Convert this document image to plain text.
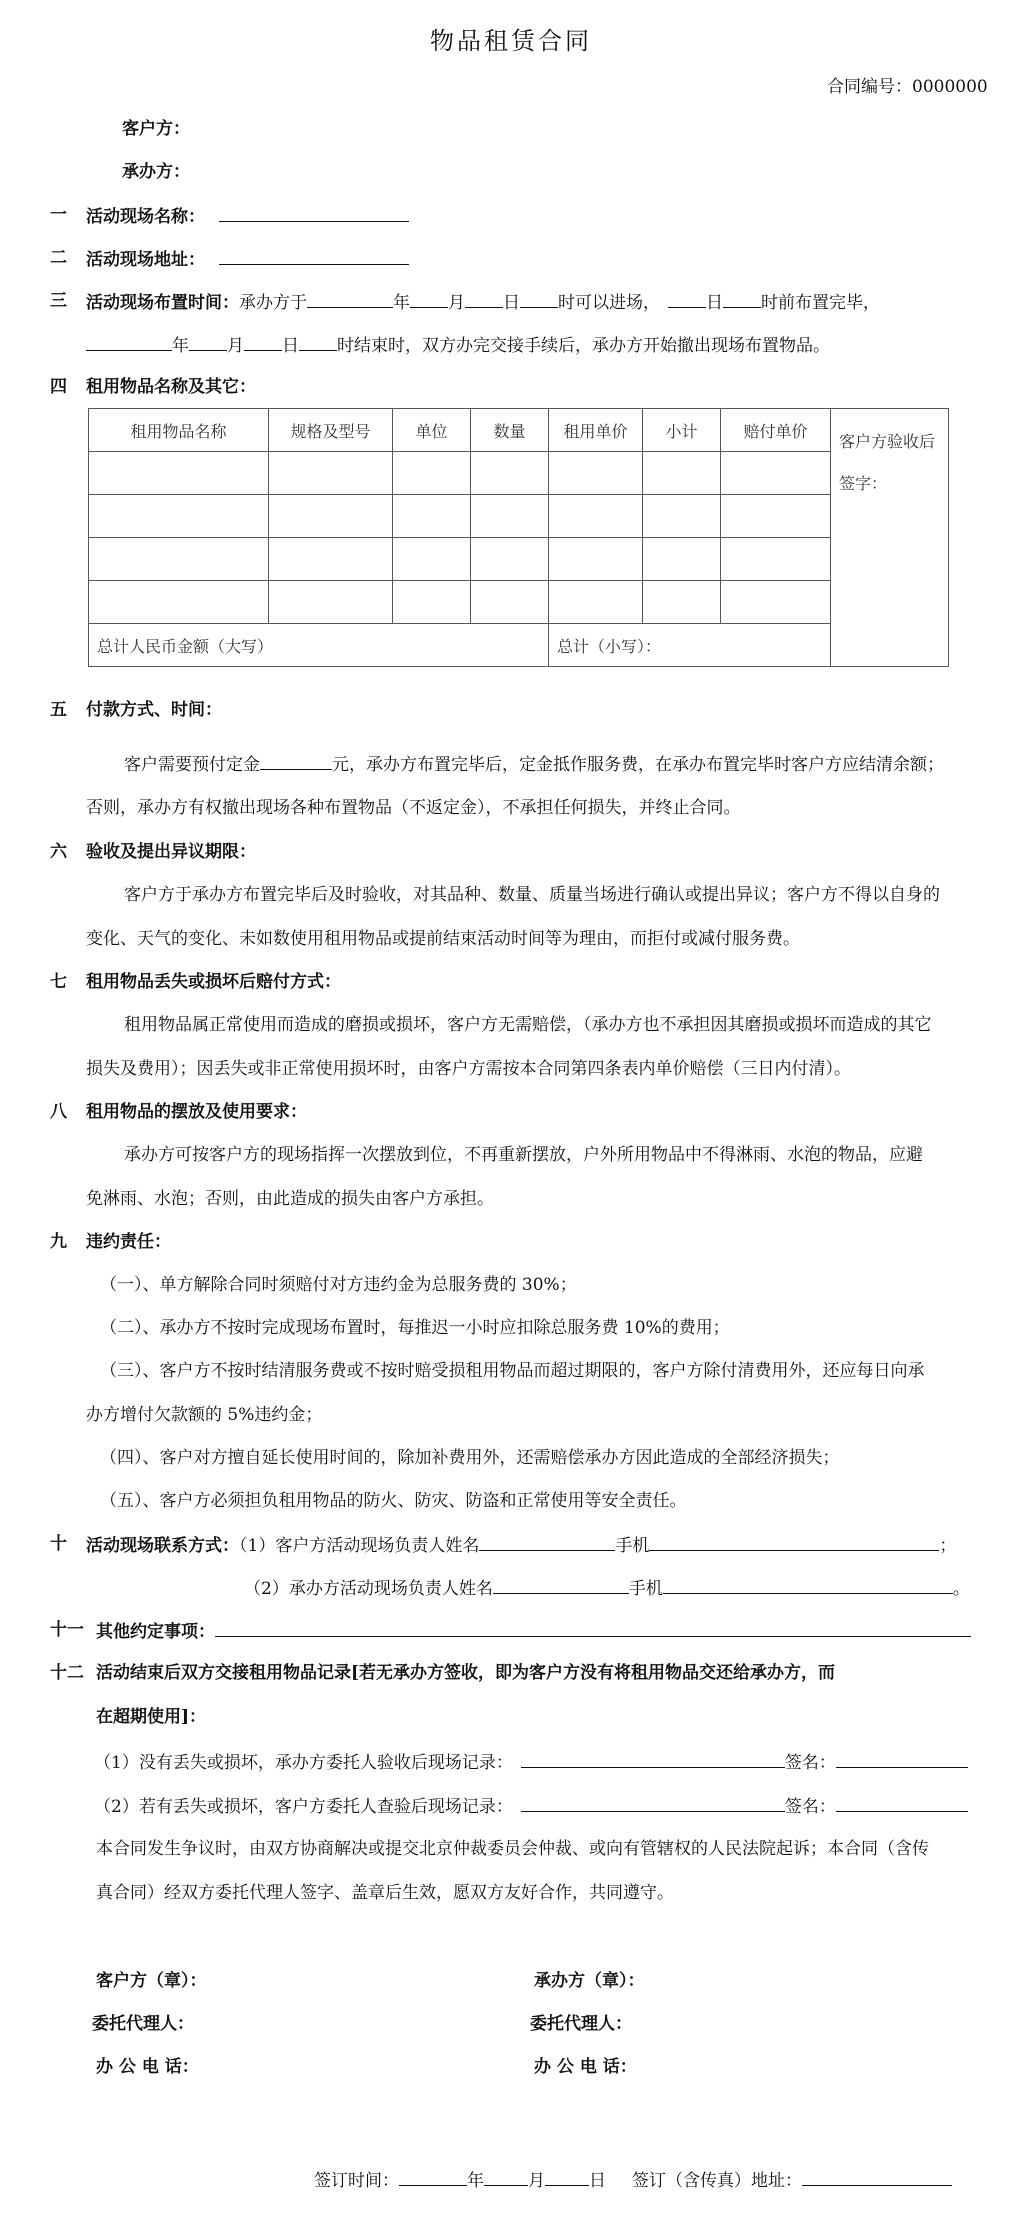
物品租赁合同
合同编号：0000000
客户方：
承办方：
一 活动现场名称：
二 活动现场地址：
三 活动现场布置时间：承办方于	年 月 日 时可以进场，	日 时前布置完毕，
年 月 日 时结束时，双方办完交接手续后，承办方开始撤出现场布置物品。
四 租用物品名称及其它：
租用物品名称	规格及型号	单位	数量	租用单价	小计	赔付单价	客户方验收后签字：

总计人民币金额（大写）				总计（小写）：			
五 付款方式、时间：
客户需要预付定金	元，承办方布置完毕后，定金抵作服务费，在承办布置完毕时客户方应结清余额；
否则，承办方有权撤出现场各种布置物品（不返定金），不承担任何损失，并终止合同。
六 验收及提出异议期限：
客户方于承办方布置完毕后及时验收，对其品种、数量、质量当场进行确认或提出异议；客户方不得以自身的
变化、天气的变化、未如数使用租用物品或提前结束活动时间等为理由，而拒付或减付服务费。
七 租用物品丢失或损坏后赔付方式：
租用物品属正常使用而造成的磨损或损坏，客户方无需赔偿，（承办方也不承担因其磨损或损坏而造成的其它
损失及费用）；因丢失或非正常使用损坏时，由客户方需按本合同第四条表内单价赔偿（三日内付清）。
八 租用物品的摆放及使用要求：
承办方可按客户方的现场指挥一次摆放到位，不再重新摆放，户外所用物品中不得淋雨、水泡的物品，应避
免淋雨、水泡；否则，由此造成的损失由客户方承担。
九 违约责任：
（一）、单方解除合同时须赔付对方违约金为总服务费的 30%；
（二）、承办方不按时完成现场布置时，每推迟一小时应扣除总服务费 10%的费用；
（三）、客户方不按时结清服务费或不按时赔受损租用物品而超过期限的，客户方除付清费用外，还应每日向承
办方增付欠款额的 5%违约金；
（四）、客户对方擅自延长使用时间的，除加补费用外，还需赔偿承办方因此造成的全部经济损失；
（五）、客户方必须担负租用物品的防火、防灾、防盗和正常使用等安全责任。
十 活动现场联系方式：（1）客户方活动现场负责人姓名	手机	；
（2）承办方活动现场负责人姓名	手机	。
十一 其他约定事项：
十二 活动结束后双方交接租用物品记录[若无承办方签收，即为客户方没有将租用物品交还给承办方，而
在超期使用]：
（1）没有丢失或损坏，承办方委托人验收后现场记录：	签名：
（2）若有丢失或损坏，客户方委托人查验后现场记录：	签名：
本合同发生争议时，由双方协商解决或提交北京仲裁委员会仲裁、或向有管辖权的人民法院起诉；本合同（含传
真合同）经双方委托代理人签字、盖章后生效，愿双方友好合作，共同遵守。
客户方（章）：	承办方（章）：
委托代理人：	委托代理人：
办 公 电 话：	办 公 电 话：
签订时间：	年	月	日 签订（含传真）地址：
